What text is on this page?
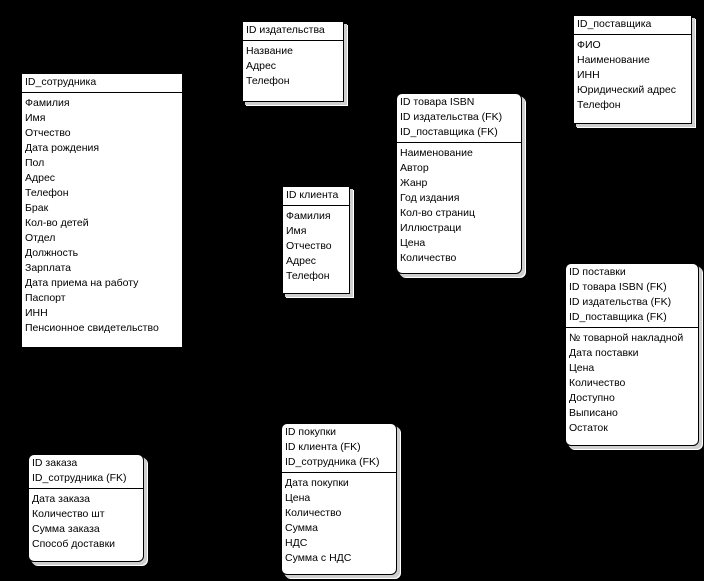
ID_сотрудника
Фамилия
Имя
Отчество
Дата рождения
Пол
Адрес
Телефон
Брак
Кол-во детей
Отдел
Должность
Зарплата
Дата приема на работу
Паспорт
ИНН
Пенсионное свидетельство
ID издательства
Название
Адрес
Телефон
ID_поставщика
ФИО
Наименование
ИНН
Юридический адрес
Телефон
ID товара ISBN
ID издательства (FK)
ID_поставщика (FK)
Наименование
Автор
Жанр
Год издания
Кол-во страниц
Иллюстраци
Цена
Количество
ID клиента
Фамилия
Имя
Отчество
Адрес
Телефон	ID поставки
ID товара ISBN (FK)
ID издательства (FK)
ID_поставщика (FK)
№ товарной накладной
Дата поставки
Цена
Количество
Доступно
Выписано
Остаток
ID заказа
ID_сотрудника (FK)
Дата заказа
Количество шт
Сумма заказа
Способ доставки
ID покупки
ID клиента (FK)
ID_сотрудника (FK)
Дата покупки
Цена
Количество
Сумма
НДС
Сумма с НДС
